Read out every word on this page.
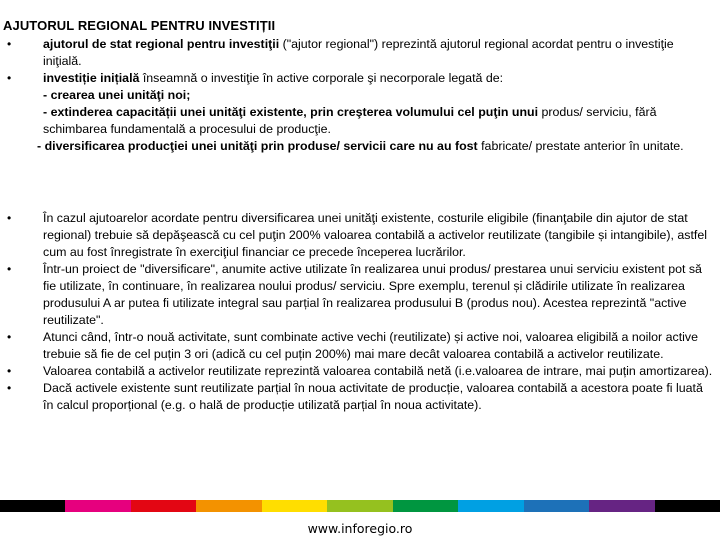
AJUTORUL REGIONAL PENTRU INVESTIȚII
•	ajutorul de stat regional pentru investiţii ("ajutor regional") reprezintă ajutorul regional acordat pentru o investiţie iniţială.
•	investiție inițială înseamnă o investiţie în active corporale şi necorporale legată de:
- crearea unei unităţi noi;
- extinderea capacității unei unităţi existente, prin creşterea volumului cel puţin unui produs/ serviciu, fără schimbarea fundamentală a procesului de producţie.
- diversificarea producţiei unei unităţi prin produse/ servicii care nu au fost fabricate/ prestate anterior în unitate.
•	În cazul ajutoarelor acordate pentru diversificarea unei unităţi existente, costurile eligibile (finanţabile din ajutor de stat regional) trebuie să depăşească cu cel puţin 200% valoarea contabilă a activelor reutilizate (tangibile și intangibile), astfel cum au fost înregistrate în exerciţiul financiar ce precede începerea lucrărilor.
•	Într-un proiect de "diversificare", anumite active utilizate în realizarea unui produs/ prestarea unui serviciu existent pot să fie utilizate, în continuare, în realizarea noului produs/ serviciu. Spre exemplu, terenul și clădirile utilizate în realizarea produsului A ar putea fi utilizate integral sau parțial în realizarea produsului B (produs nou). Acestea reprezintă "active reutilizate".
•	Atunci când, într-o nouă activitate, sunt combinate active vechi (reutilizate) și active noi, valoarea eligibilă a noilor active trebuie să fie de cel puțin 3 ori (adică cu cel puțin 200%) mai mare decât valoarea contabilă a activelor reutilizate.
•	Valoarea contabilă a activelor reutilizate reprezintă valoarea contabilă netă (i.e.valoarea de intrare, mai puțin amortizarea).
•	Dacă activele existente sunt reutilizate parțial în noua activitate de producție, valoarea contabilă a acestora poate fi luată în calcul proporțional (e.g. o hală de producție utilizată parțial în noua activitate).
www.inforegio.ro
